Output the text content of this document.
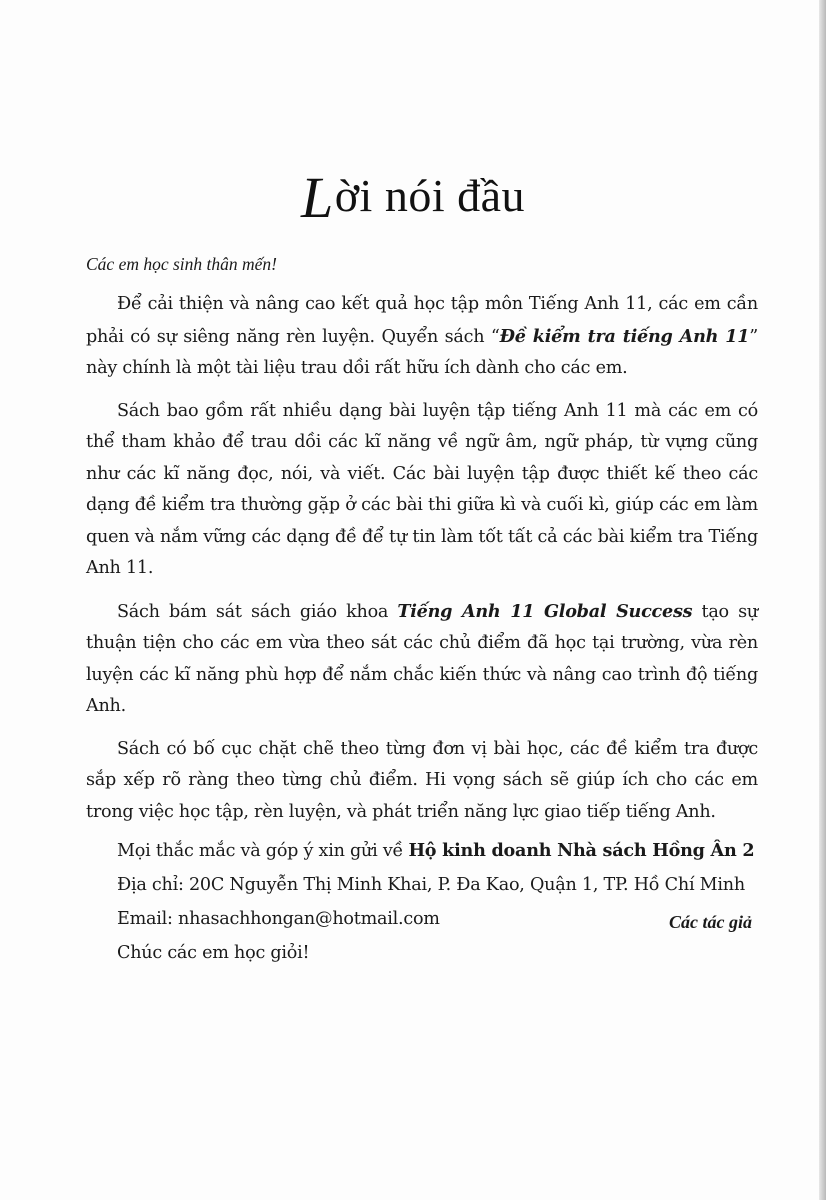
Lời nói đầu

Các em học sinh thân mến!

Để cải thiện và nâng cao kết quả học tập môn Tiếng Anh 11, các em cần phải có sự siêng năng rèn luyện. Quyển sách “Đề kiểm tra tiếng Anh 11” này chính là một tài liệu trau dồi rất hữu ích dành cho các em.

Sách bao gồm rất nhiều dạng bài luyện tập tiếng Anh 11 mà các em có thể tham khảo để trau dồi các kĩ năng về ngữ âm, ngữ pháp, từ vựng cũng như các kĩ năng đọc, nói, và viết. Các bài luyện tập được thiết kế theo các dạng đề kiểm tra thường gặp ở các bài thi giữa kì và cuối kì, giúp các em làm quen và nắm vững các dạng đề để tự tin làm tốt tất cả các bài kiểm tra Tiếng Anh 11.

Sách bám sát sách giáo khoa Tiếng Anh 11 Global Success tạo sự thuận tiện cho các em vừa theo sát các chủ điểm đã học tại trường, vừa rèn luyện các kĩ năng phù hợp để nắm chắc kiến thức và nâng cao trình độ tiếng Anh.

Sách có bố cục chặt chẽ theo từng đơn vị bài học, các đề kiểm tra được sắp xếp rõ ràng theo từng chủ điểm. Hi vọng sách sẽ giúp ích cho các em trong việc học tập, rèn luyện, và phát triển năng lực giao tiếp tiếng Anh.

Mọi thắc mắc và góp ý xin gửi về Hộ kinh doanh Nhà sách Hồng Ân 2

Địa chỉ: 20C Nguyễn Thị Minh Khai, P. Đa Kao, Quận 1, TP. Hồ Chí Minh

Email: nhasachhongan@hotmail.com

Chúc các em học giỏi!

Các tác giả
